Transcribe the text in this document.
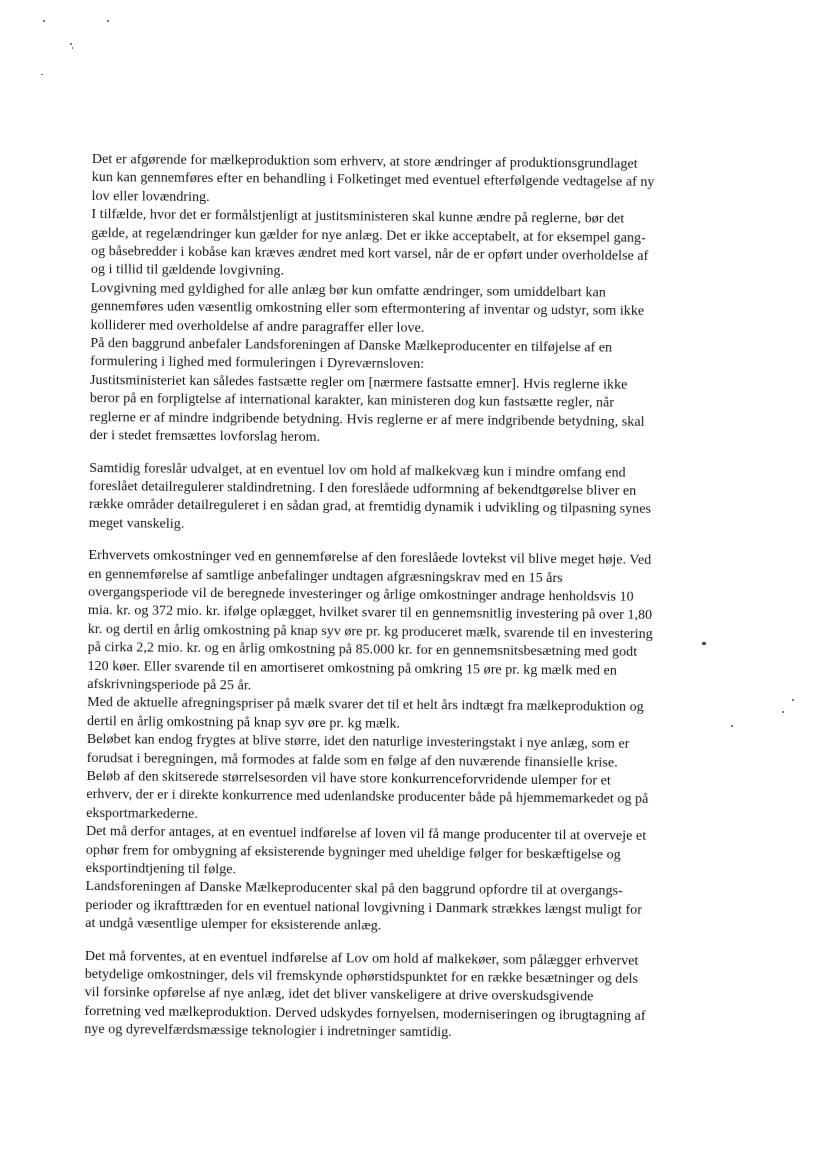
Det er afgørende for mælkeproduktion som erhverv, at store ændringer af produktionsgrundlaget
kun kan gennemføres efter en behandling i Folketinget med eventuel efterfølgende vedtagelse af ny
lov eller lovændring.
I tilfælde, hvor det er formålstjenligt at justitsministeren skal kunne ændre på reglerne, bør det
gælde, at regelændringer kun gælder for nye anlæg. Det er ikke acceptabelt, at for eksempel gang-
og båsebredder i kobåse kan kræves ændret med kort varsel, når de er opført under overholdelse af
og i tillid til gældende lovgivning.
Lovgivning med gyldighed for alle anlæg bør kun omfatte ændringer, som umiddelbart kan
gennemføres uden væsentlig omkostning eller som eftermontering af inventar og udstyr, som ikke
kolliderer med overholdelse af andre paragraffer eller love.
På den baggrund anbefaler Landsforeningen af Danske Mælkeproducenter en tilføjelse af en
formulering i lighed med formuleringen i Dyreværnsloven:
Justitsministeriet kan således fastsætte regler om [nærmere fastsatte emner]. Hvis reglerne ikke
beror på en forpligtelse af international karakter, kan ministeren dog kun fastsætte regler, når
reglerne er af mindre indgribende betydning. Hvis reglerne er af mere indgribende betydning, skal
der i stedet fremsættes lovforslag herom.
Samtidig foreslår udvalget, at en eventuel lov om hold af malkekvæg kun i mindre omfang end
foreslået detailregulerer staldindretning. I den foreslåede udformning af bekendtgørelse bliver en
række områder detailreguleret i en sådan grad, at fremtidig dynamik i udvikling og tilpasning synes
meget vanskelig.
Erhvervets omkostninger ved en gennemførelse af den foreslåede lovtekst vil blive meget høje. Ved
en gennemførelse af samtlige anbefalinger undtagen afgræsningskrav med en 15 års
overgangsperiode vil de beregnede investeringer og årlige omkostninger andrage henholdsvis 10
mia. kr. og 372 mio. kr. ifølge oplægget, hvilket svarer til en gennemsnitlig investering på over 1,80
kr. og dertil en årlig omkostning på knap syv øre pr. kg produceret mælk, svarende til en investering
på cirka 2,2 mio. kr. og en årlig omkostning på 85.000 kr. for en gennemsnitsbesætning med godt
120 køer. Eller svarende til en amortiseret omkostning på omkring 15 øre pr. kg mælk med en
afskrivningsperiode på 25 år.
Med de aktuelle afregningspriser på mælk svarer det til et helt års indtægt fra mælkeproduktion og
dertil en årlig omkostning på knap syv øre pr. kg mælk.
Beløbet kan endog frygtes at blive større, idet den naturlige investeringstakt i nye anlæg, som er
forudsat i beregningen, må formodes at falde som en følge af den nuværende finansielle krise.
Beløb af den skitserede størrelsesorden vil have store konkurrenceforvridende ulemper for et
erhverv, der er i direkte konkurrence med udenlandske producenter både på hjemmemarkedet og på
eksportmarkederne.
Det må derfor antages, at en eventuel indførelse af loven vil få mange producenter til at overveje et
ophør frem for ombygning af eksisterende bygninger med uheldige følger for beskæftigelse og
eksportindtjening til følge.
Landsforeningen af Danske Mælkeproducenter skal på den baggrund opfordre til at overgangs-
perioder og ikrafttræden for en eventuel national lovgivning i Danmark strækkes længst muligt for
at undgå væsentlige ulemper for eksisterende anlæg.
Det må forventes, at en eventuel indførelse af Lov om hold af malkekøer, som pålægger erhvervet
betydelige omkostninger, dels vil fremskynde ophørstidspunktet for en række besætninger og dels
vil forsinke opførelse af nye anlæg, idet det bliver vanskeligere at drive overskudsgivende
forretning ved mælkeproduktion. Derved udskydes fornyelsen, moderniseringen og ibrugtagning af
nye og dyrevelfærdsmæssige teknologier i indretninger samtidig.
